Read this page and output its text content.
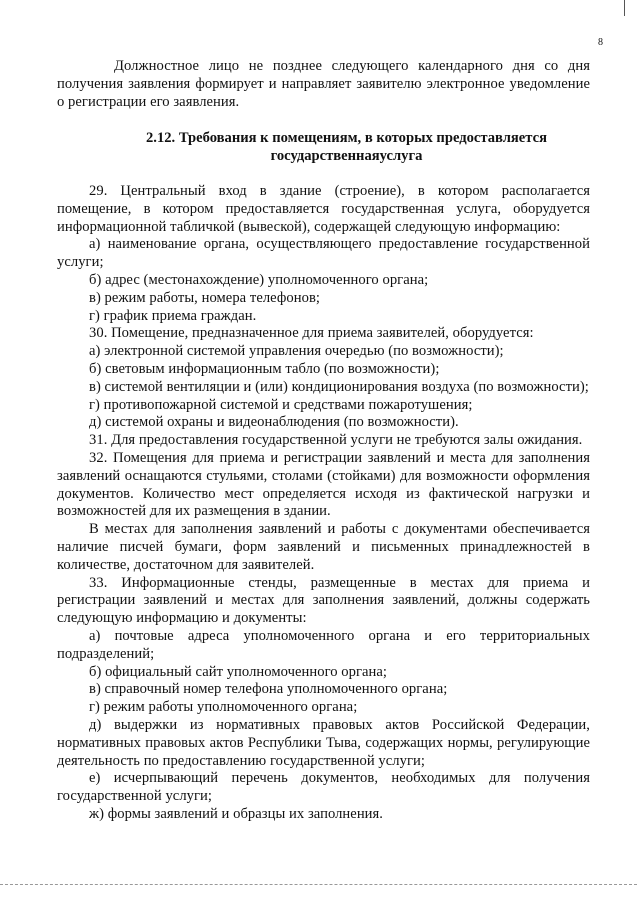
8

Должностное лицо не позднее следующего календарного дня со дня получения заявления формирует и направляет заявителю электронное уведомление о регистрации его заявления.

2.12. Требования к помещениям, в которых предоставляется

государственнаяуслуга

29. Центральный вход в здание (строение), в котором располагается помещение, в котором предоставляется государственная услуга, оборудуется информационной табличкой (вывеской), содержащей следующую информацию:

а) наименование органа, осуществляющего предоставление государственной услуги;

б) адрес (местонахождение) уполномоченного органа;

в) режим работы, номера телефонов;

г) график приема граждан.

30. Помещение, предназначенное для приема заявителей, оборудуется:

а) электронной системой управления очередью (по возможности);

б) световым информационным табло (по возможности);

в) системой вентиляции и (или) кондиционирования воздуха (по возможности);

г) противопожарной системой и средствами пожаротушения;

д) системой охраны и видеонаблюдения (по возможности).

31. Для предоставления государственной услуги не требуются залы ожидания.

32. Помещения для приема и регистрации заявлений и места для заполнения заявлений оснащаются стульями, столами (стойками) для возможности оформления документов. Количество мест определяется исходя из фактической нагрузки и возможностей для их размещения в здании.

В местах для заполнения заявлений и работы с документами обеспечивается наличие писчей бумаги, форм заявлений и письменных принадлежностей в количестве, достаточном для заявителей.

33. Информационные стенды, размещенные в местах для приема и регистрации заявлений и местах для заполнения заявлений, должны содержать следующую информацию и документы:

а) почтовые адреса уполномоченного органа и его территориальных подразделений;

б) официальный сайт уполномоченного органа;

в) справочный номер телефона уполномоченного органа;

г) режим работы уполномоченного органа;

д) выдержки из нормативных правовых актов Российской Федерации, нормативных правовых актов Республики Тыва, содержащих нормы, регулирующие деятельность по предоставлению государственной услуги;

е) исчерпывающий перечень документов, необходимых для получения государственной услуги;

ж) формы заявлений и образцы их заполнения.
